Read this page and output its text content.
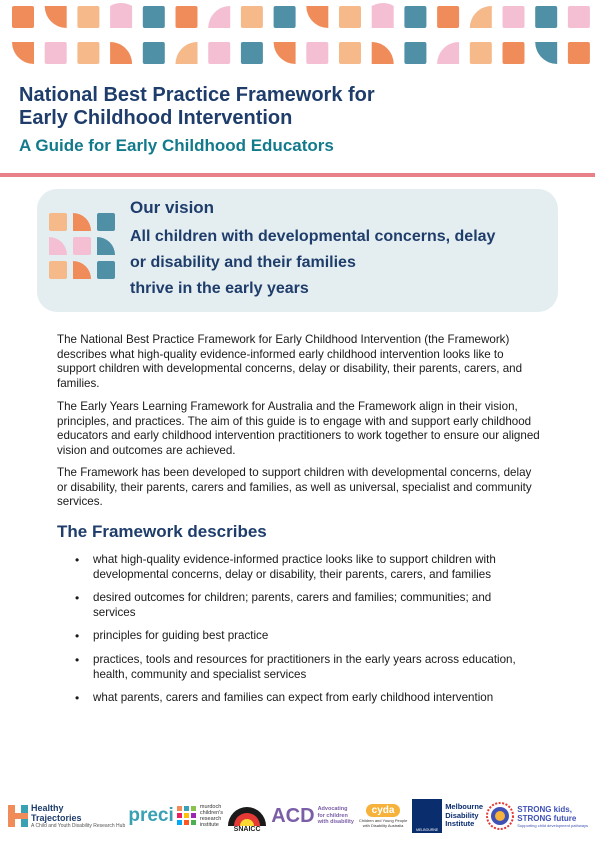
National Best Practice Framework for
Early Childhood Intervention
A Guide for Early Childhood Educators
Our vision

All children with developmental concerns, delay
or disability and their families
thrive in the early years

The National Best Practice Framework for Early Childhood Intervention (the Framework) describes what high-quality evidence-informed early childhood intervention looks like to support children with developmental concerns, delay or disability, their parents, carers, and families.

The Early Years Learning Framework for Australia and the Framework align in their vision, principles, and practices. The aim of this guide is to engage with and support early childhood educators and early childhood intervention practitioners to work together to ensure our aligned vision and outcomes are achieved.

The Framework has been developed to support children with developmental concerns, delay or disability, their parents, carers and families, as well as universal, specialist and community services.

The Framework describes
• what high-quality evidence-informed practice looks like to support children with developmental concerns, delay or disability, their parents, carers, and families
• desired outcomes for children; parents, carers and families; communities; and services
• principles for guiding best practice
• practices, tools and resources for practitioners in the early years across education, health, community and specialist services
• what parents, carers and families can expect from early childhood intervention
Healthy
Trajectories
A Child and Youth Disability Research Hub preci	murdoch
children's
research
institute
SNAICC
ACD Advocating
for children
with disability
cyda
Children and Young People with Disability Australia
MELBOURNE
Melbourne
Disability
Institute
STRONG kids,
STRONG future
Supporting child development pathways
